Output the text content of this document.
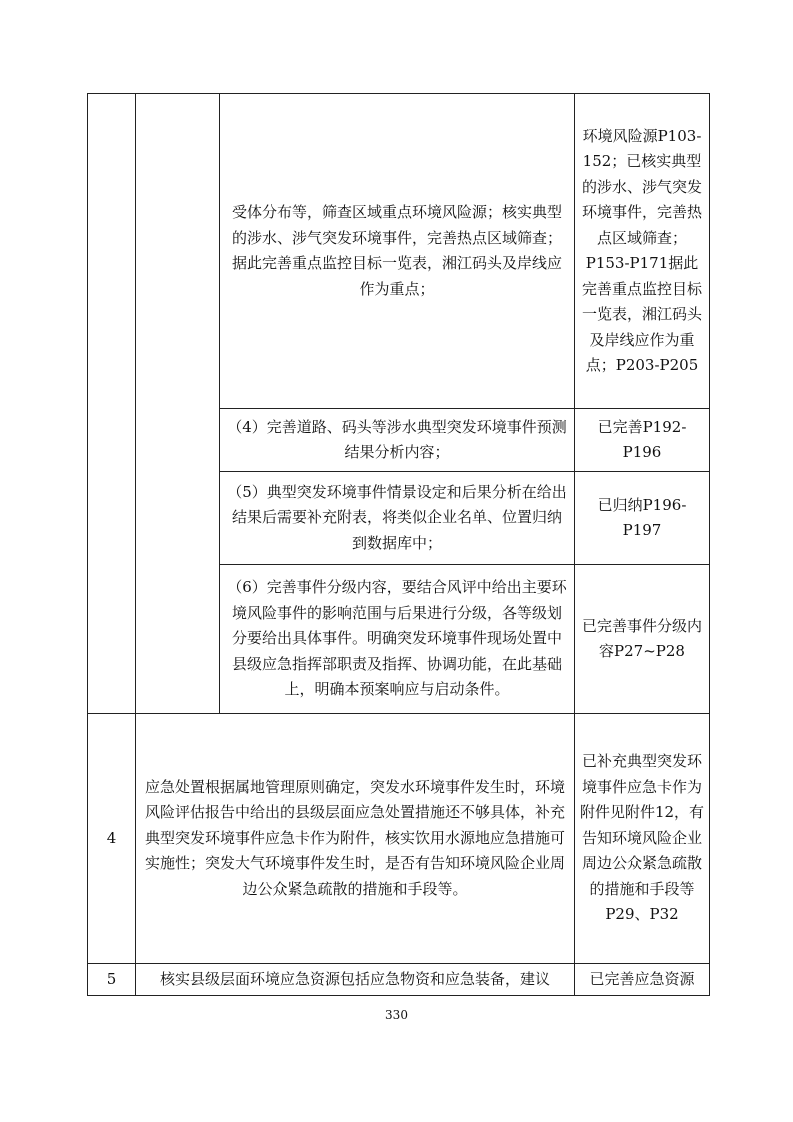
		受体分布等，筛查区域重点环境风险源；核实典型的涉水、涉气突发环境事件，完善热点区域筛查；据此完善重点监控目标一览表，湘江码头及岸线应作为重点；	环境风险源P103-152；已核实典型的涉水、涉气突发环境事件，完善热点区域筛查；P153-P171据此完善重点监控目标一览表，湘江码头及岸线应作为重点；P203-P205
		（4）完善道路、码头等涉水典型突发环境事件预测结果分析内容；	已完善P192-P196
		（5）典型突发环境事件情景设定和后果分析在给出结果后需要补充附表，将类似企业名单、位置归纳到数据库中；	已归纳P196-P197
		（6）完善事件分级内容，要结合风评中给出主要环境风险事件的影响范围与后果进行分级，各等级划分要给出具体事件。明确突发环境事件现场处置中县级应急指挥部职责及指挥、协调功能，在此基础上，明确本预案响应与启动条件。	已完善事件分级内容P27~P28
4	应急处置根据属地管理原则确定，突发水环境事件发生时，环境风险评估报告中给出的县级层面应急处置措施还不够具体，补充典型突发环境事件应急卡作为附件，核实饮用水源地应急措施可实施性；突发大气环境事件发生时，是否有告知环境风险企业周边公众紧急疏散的措施和手段等。		已补充典型突发环境事件应急卡作为附件见附件12，有告知环境风险企业周边公众紧急疏散的措施和手段等P29、P32
5	核实县级层面环境应急资源包括应急物资和应急装备，建议		已完善应急资源
330
